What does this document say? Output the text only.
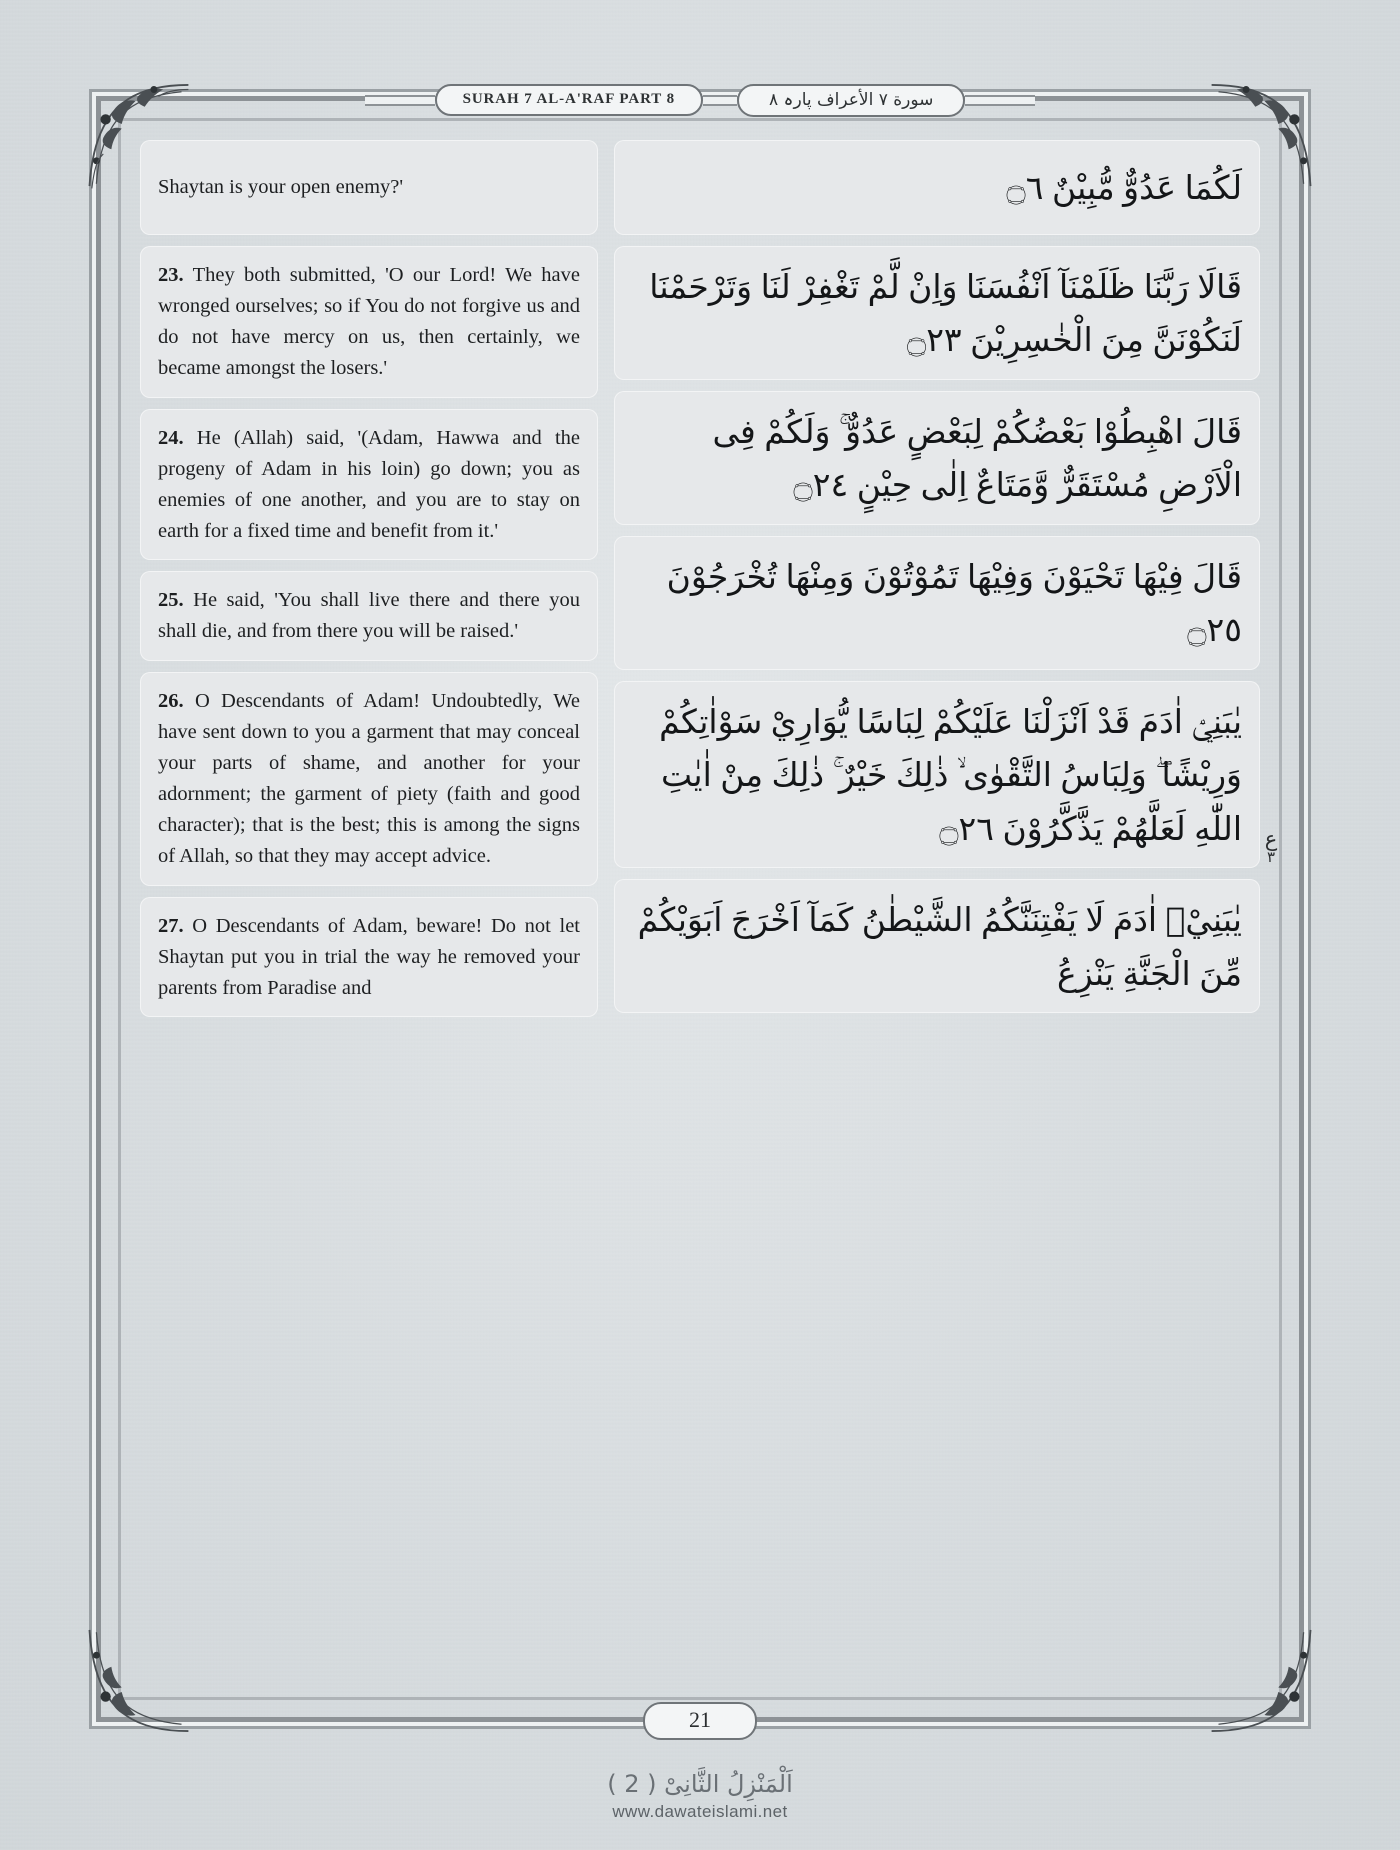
SURAH 7 AL-A'RAF PART 8	سورة ٧ الأعراف پارہ ٨
Shaytan is your open enemy?'
23. They both submitted, 'O our Lord! We have wronged ourselves; so if You do not forgive us and do not have mercy on us, then certainly, we became amongst the losers.'
24. He (Allah) said, '(Adam, Hawwa and the progeny of Adam in his loin) go down; you as enemies of one another, and you are to stay on earth for a fixed time and benefit from it.'
25. He said, 'You shall live there and there you shall die, and from there you will be raised.'
26. O Descendants of Adam! Undoubtedly, We have sent down to you a garment that may conceal your parts of shame, and another for your adornment; the garment of piety (faith and good character); that is the best; this is among the signs of Allah, so that they may accept advice.
27. O Descendants of Adam, beware! Do not let Shaytan put you in trial the way he removed your parents from Paradise and
لَكُمَا عَدُوٌّ مُّبِيْنٌ ۝٦
قَالَا رَبَّنَا ظَلَمْنَآ اَنْفُسَنَا وَاِنْ لَّمْ تَغْفِرْ لَنَا وَتَرْحَمْنَا لَنَكُوْنَنَّ مِنَ الْخٰسِرِيْنَ ۝٢٣
قَالَ اهْبِطُوْا بَعْضُكُمْ لِبَعْضٍ عَدُوٌّ ۚ وَلَكُمْ فِى الْاَرْضِ مُسْتَقَرٌّ وَّمَتَاعٌ اِلٰى حِيْنٍ ۝٢٤
قَالَ فِيْهَا تَحْيَوْنَ وَفِيْهَا تَمُوْتُوْنَ وَمِنْهَا تُخْرَجُوْنَ ۝٢٥
يٰبَنِيْۤ اٰدَمَ قَدْ اَنْزَلْنَا عَلَيْكُمْ لِبَاسًا يُّوَارِيْ سَوْاٰتِكُمْ وَرِيْشًا ۖ وَلِبَاسُ التَّقْوٰى ۙ ذٰلِكَ خَيْرٌ ۚ ذٰلِكَ مِنْ اٰيٰتِ اللّٰهِ لَعَلَّهُمْ يَذَّكَّرُوْنَ ۝٢٦
يٰبَنِيْۤ اٰدَمَ لَا يَفْتِنَنَّكُمُ الشَّيْطٰنُ كَمَآ اَخْرَجَ اَبَوَيْكُمْ مِّنَ الْجَنَّةِ يَنْزِعُ
ع
٣
21
اَلْمَنْزِلُ الثَّانِیْ ( 2 )
www.dawateislami.net
